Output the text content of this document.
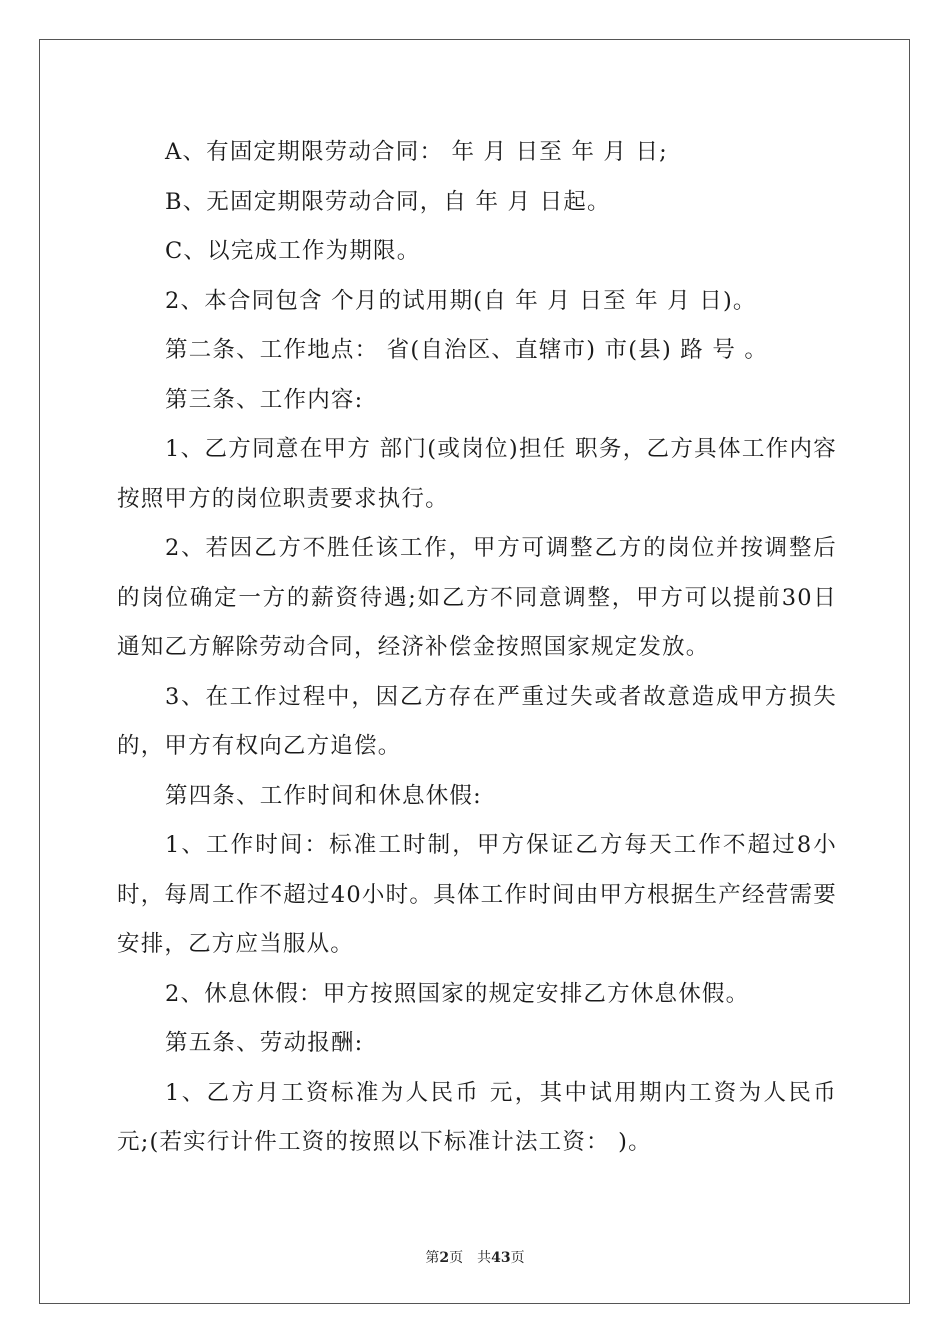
A、有固定期限劳动合同： 年 月 日至 年 月 日;

B、无固定期限劳动合同，自 年 月 日起。

C、以完成工作为期限。

2、本合同包含 个月的试用期(自 年 月 日至 年 月 日)。

第二条、工作地点： 省(自治区、直辖市) 市(县) 路 号 。

第三条、工作内容:

1、乙方同意在甲方 部门(或岗位)担任 职务，乙方具体工作内容按照甲方的岗位职责要求执行。

2、若因乙方不胜任该工作，甲方可调整乙方的岗位并按调整后的岗位确定一方的薪资待遇;如乙方不同意调整，甲方可以提前30日通知乙方解除劳动合同，经济补偿金按照国家规定发放。

3、在工作过程中，因乙方存在严重过失或者故意造成甲方损失的，甲方有权向乙方追偿。

第四条、工作时间和休息休假:

1、工作时间：标准工时制，甲方保证乙方每天工作不超过8小时，每周工作不超过40小时。具体工作时间由甲方根据生产经营需要安排，乙方应当服从。

2、休息休假：甲方按照国家的规定安排乙方休息休假。

第五条、劳动报酬:

1、乙方月工资标准为人民币 元，其中试用期内工资为人民币 元;(若实行计件工资的按照以下标准计法工资： )。

第2页 共43页
